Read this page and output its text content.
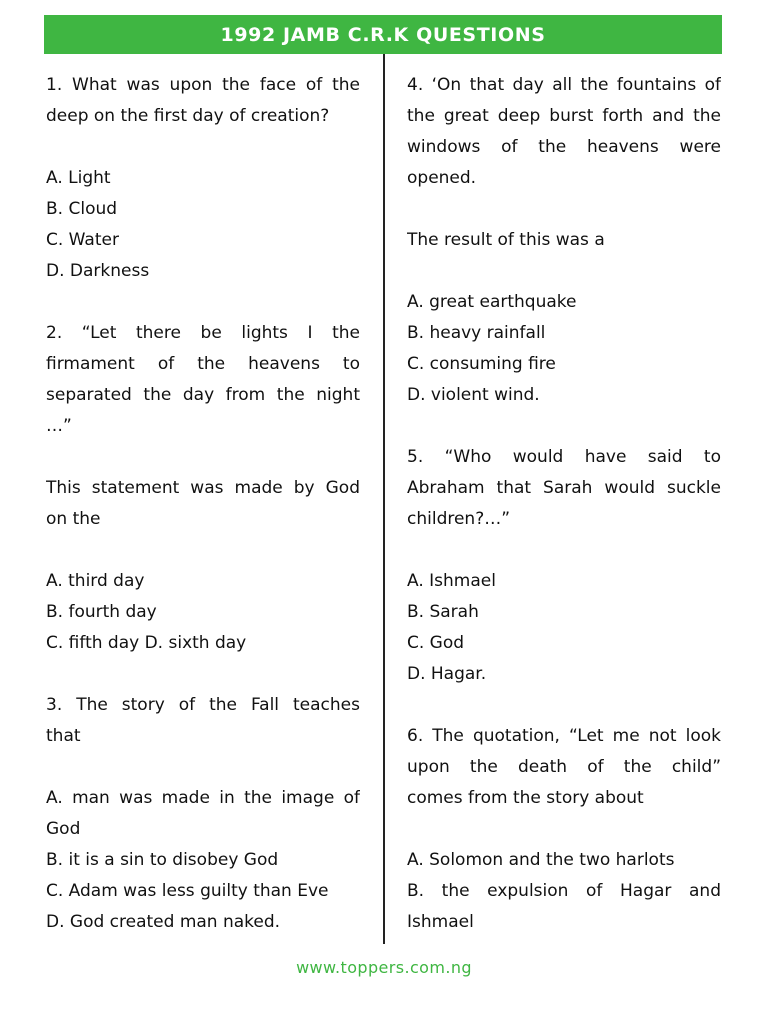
1992 JAMB C.R.K QUESTIONS
1. What was upon the face of the
deep on the first day of creation?
A. Light
B. Cloud
C. Water
D. Darkness
2. “Let there be lights I the
firmament of the heavens to
separated the day from the night
…”
This statement was made by God
on the
A. third day
B. fourth day
C. fifth day D. sixth day
3. The story of the Fall teaches
that
A. man was made in the image of
God
B. it is a sin to disobey God
C. Adam was less guilty than Eve
D. God created man naked.
4. ‘On that day all the fountains of
the great deep burst forth and the
windows of the heavens were
opened.
The result of this was a
A. great earthquake
B. heavy rainfall
C. consuming fire
D. violent wind.
5. “Who would have said to
Abraham that Sarah would suckle
children?…”
A. Ishmael
B. Sarah
C. God
D. Hagar.
6. The quotation, “Let me not look
upon the death of the child”
comes from the story about
A. Solomon and the two harlots
B. the expulsion of Hagar and
Ishmael
www.toppers.com.ng
